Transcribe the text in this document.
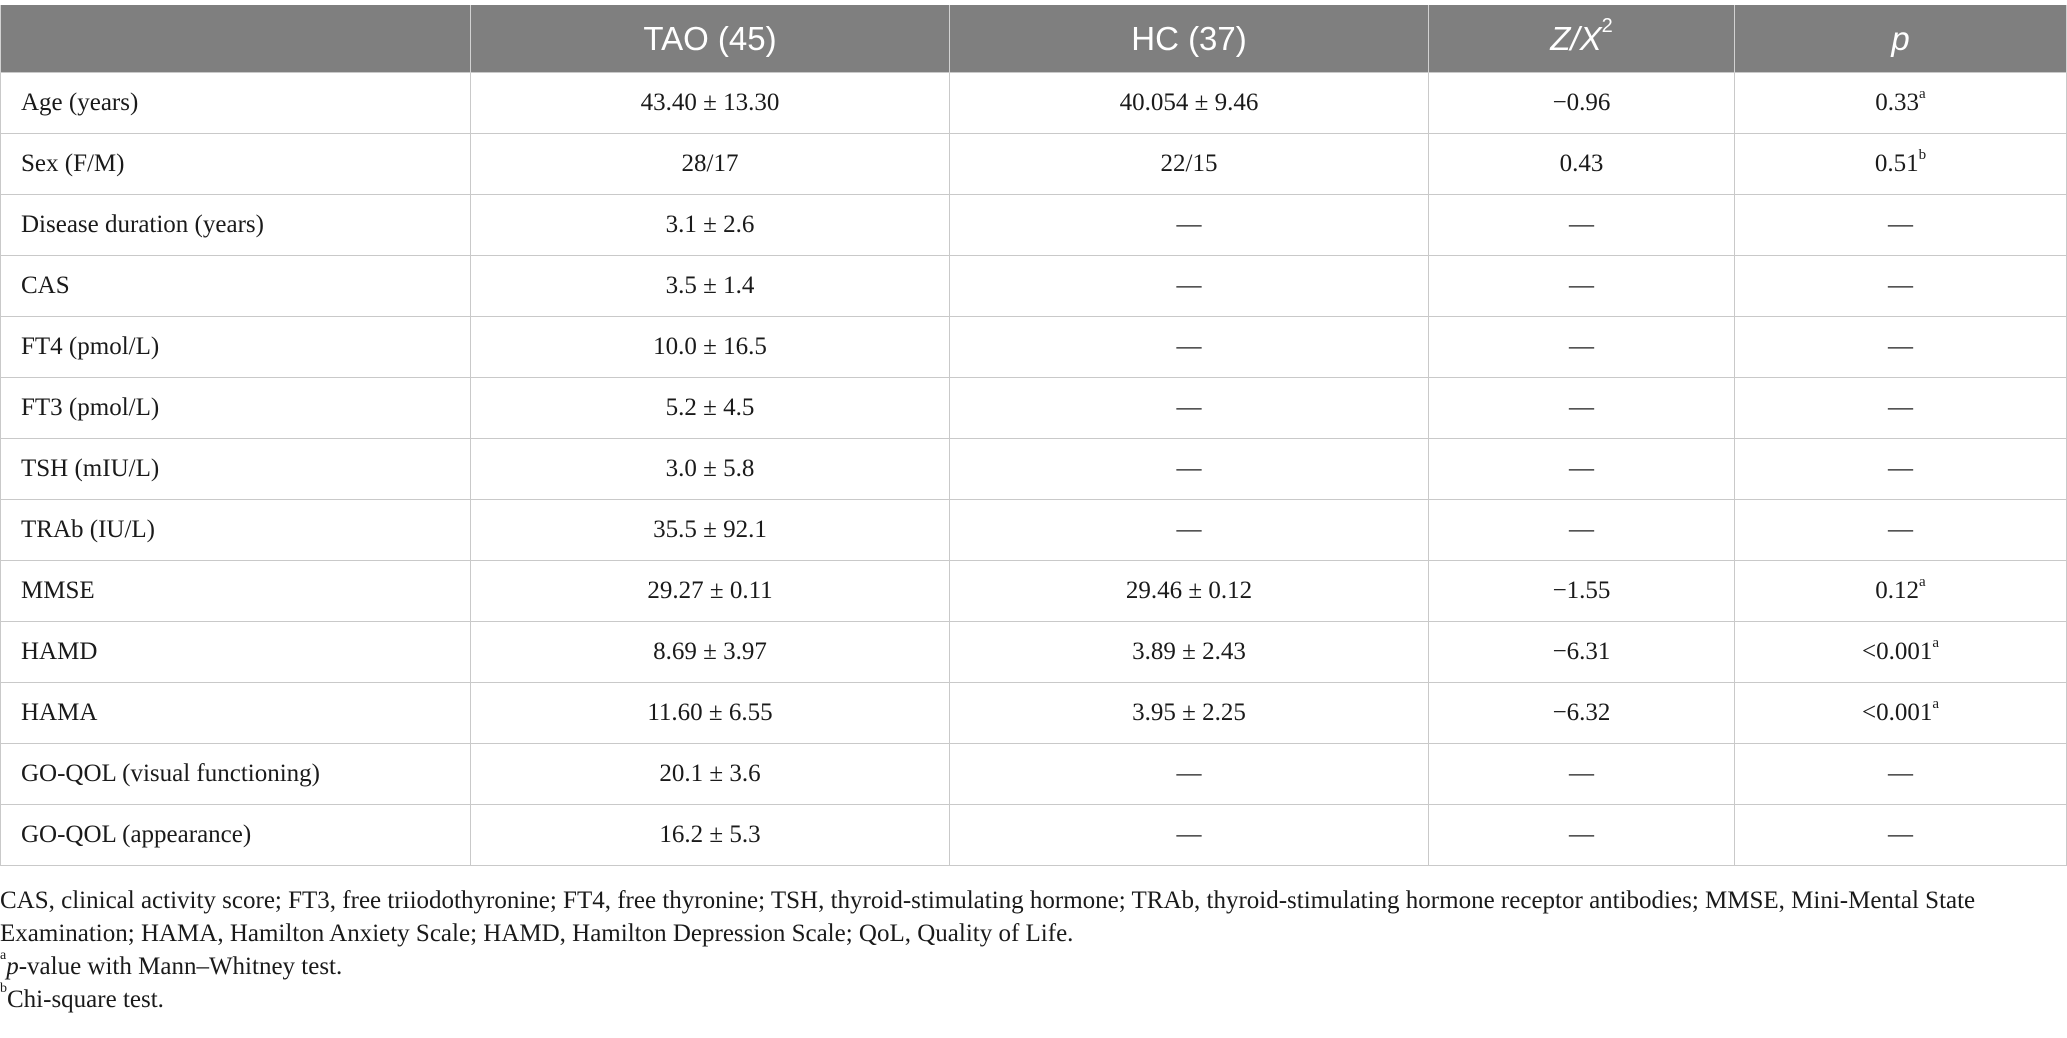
	TAO (45)	HC (37)	$Z/X^2$	p
Age (years)	43.40 ± 13.30	40.054 ± 9.46	−0.96	0.33$^a$
Sex (F/M)	28/17	22/15	0.43	0.51$^b$
Disease duration (years)	3.1 ± 2.6	—	—	—
CAS	3.5 ± 1.4	—	—	—
FT4 (pmol/L)	10.0 ± 16.5	—	—	—
FT3 (pmol/L)	5.2 ± 4.5	—	—	—
TSH (mIU/L)	3.0 ± 5.8	—	—	—
TRAb (IU/L)	35.5 ± 92.1	—	—	—
MMSE	29.27 ± 0.11	29.46 ± 0.12	−1.55	0.12$^a$
HAMD	8.69 ± 3.97	3.89 ± 2.43	−6.31	<0.001$^a$
HAMA	11.60 ± 6.55	3.95 ± 2.25	−6.32	<0.001$^a$
GO-QOL (visual functioning)	20.1 ± 3.6	—	—	—
GO-QOL (appearance)	16.2 ± 5.3	—	—	—

CAS, clinical activity score; FT3, free triiodothyronine; FT4, free thyronine; TSH, thyroid-stimulating hormone; TRAb, thyroid-stimulating hormone receptor antibodies; MMSE, Mini-Mental State Examination; HAMA, Hamilton Anxiety Scale; HAMD, Hamilton Depression Scale; QoL, Quality of Life.

$^a$p-value with Mann–Whitney test.

$^b$Chi-square test.
